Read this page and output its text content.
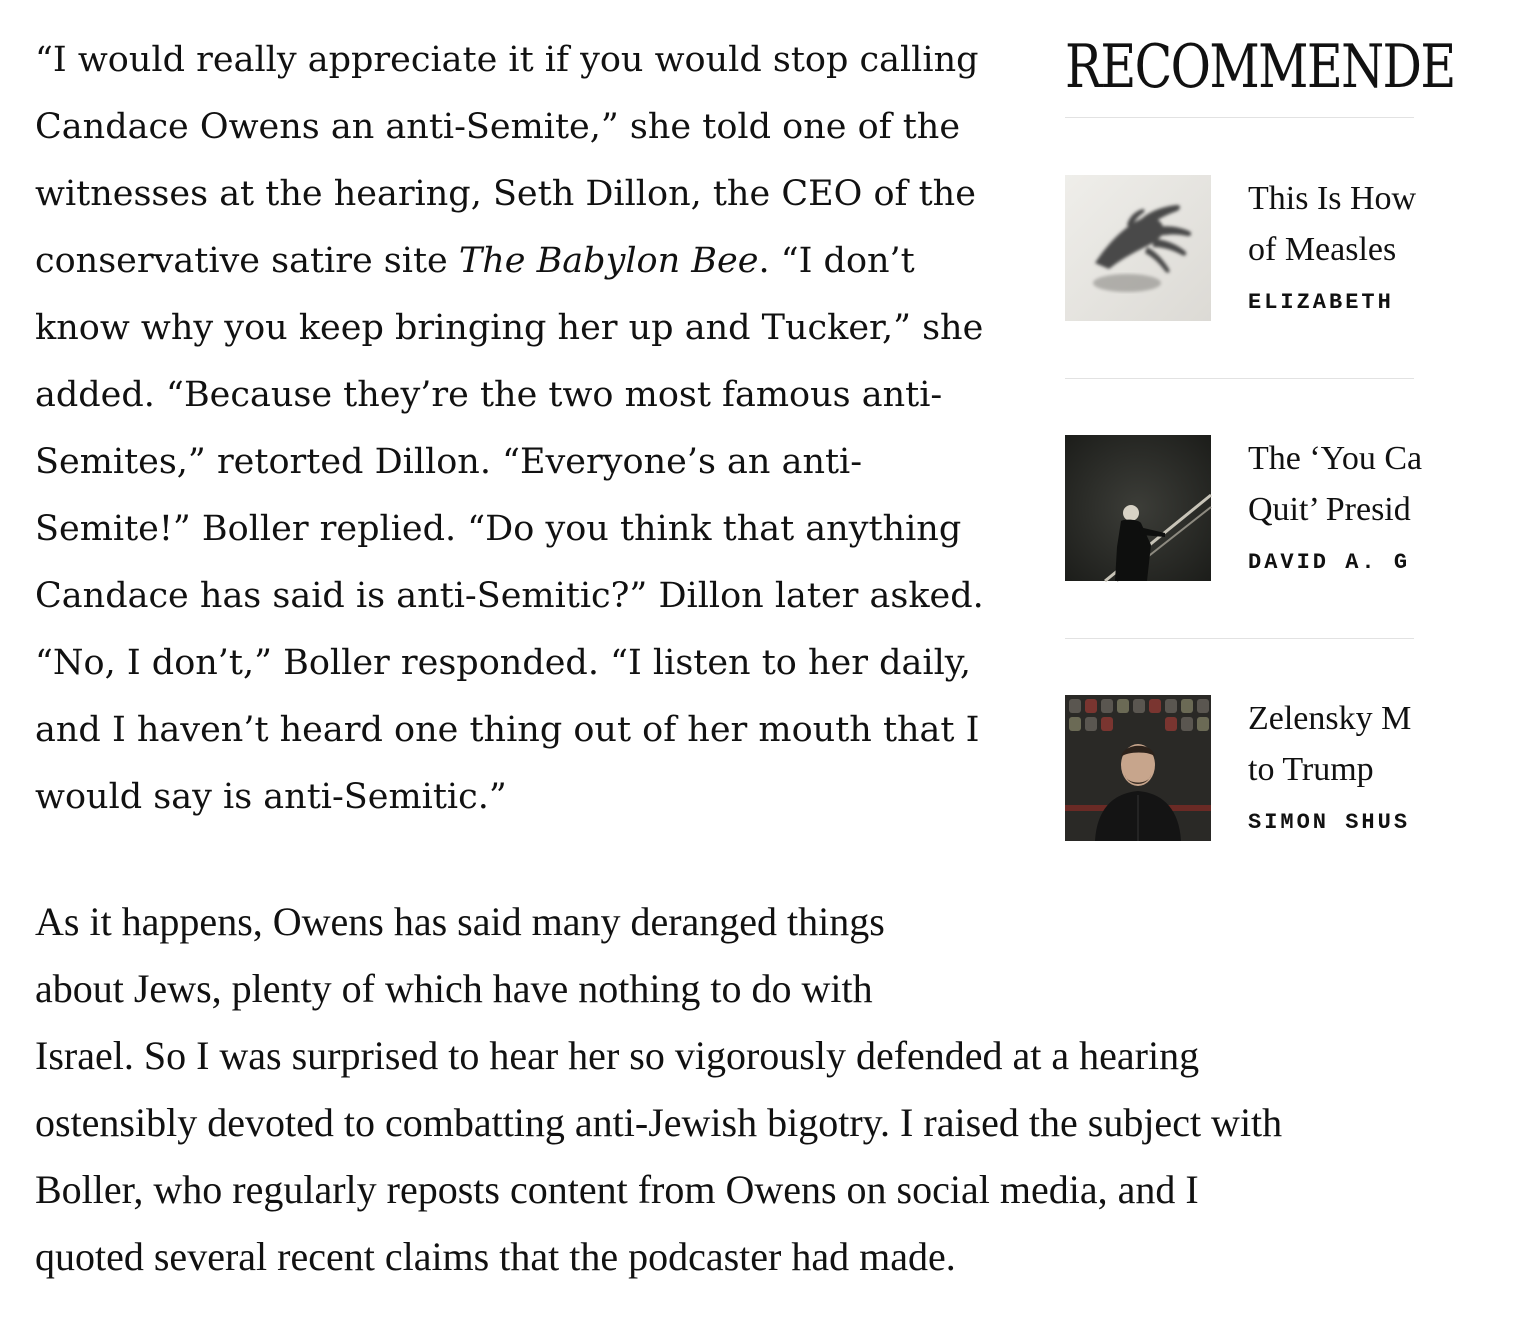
“I would really appreciate it if you would stop calling Candace Owens an anti-Semite,” she told one of the witnesses at the hearing, Seth Dillon, the CEO of the conservative satire site The Babylon Bee. “I don’t know why you keep bringing her up and Tucker,” she added. “Because they’re the two most famous anti-Semites,” retorted Dillon. “Everyone’s an anti-Semite!” Boller replied. “Do you think that anything Candace has said is anti-Semitic?” Dillon later asked. “No, I don’t,” Boller responded. “I listen to her daily, and I haven’t heard one thing out of her mouth that I would say is anti-Semitic.”

As it happens, Owens has said many deranged things

about Jews, plenty of which have nothing to do with

Israel. So I was surprised to hear her so vigorously defended at a hearing

ostensibly devoted to combatting anti-Jewish bigotry. I raised the subject with

Boller, who regularly reposts content from Owens on social media, and I

quoted several recent claims that the podcaster had made.

RECOMMENDE

This Is How
of Measles

ELIZABETH

The ‘You Ca
Quit’ Presid

DAVID A. G

Zelensky M
to Trump

SIMON SHUS
